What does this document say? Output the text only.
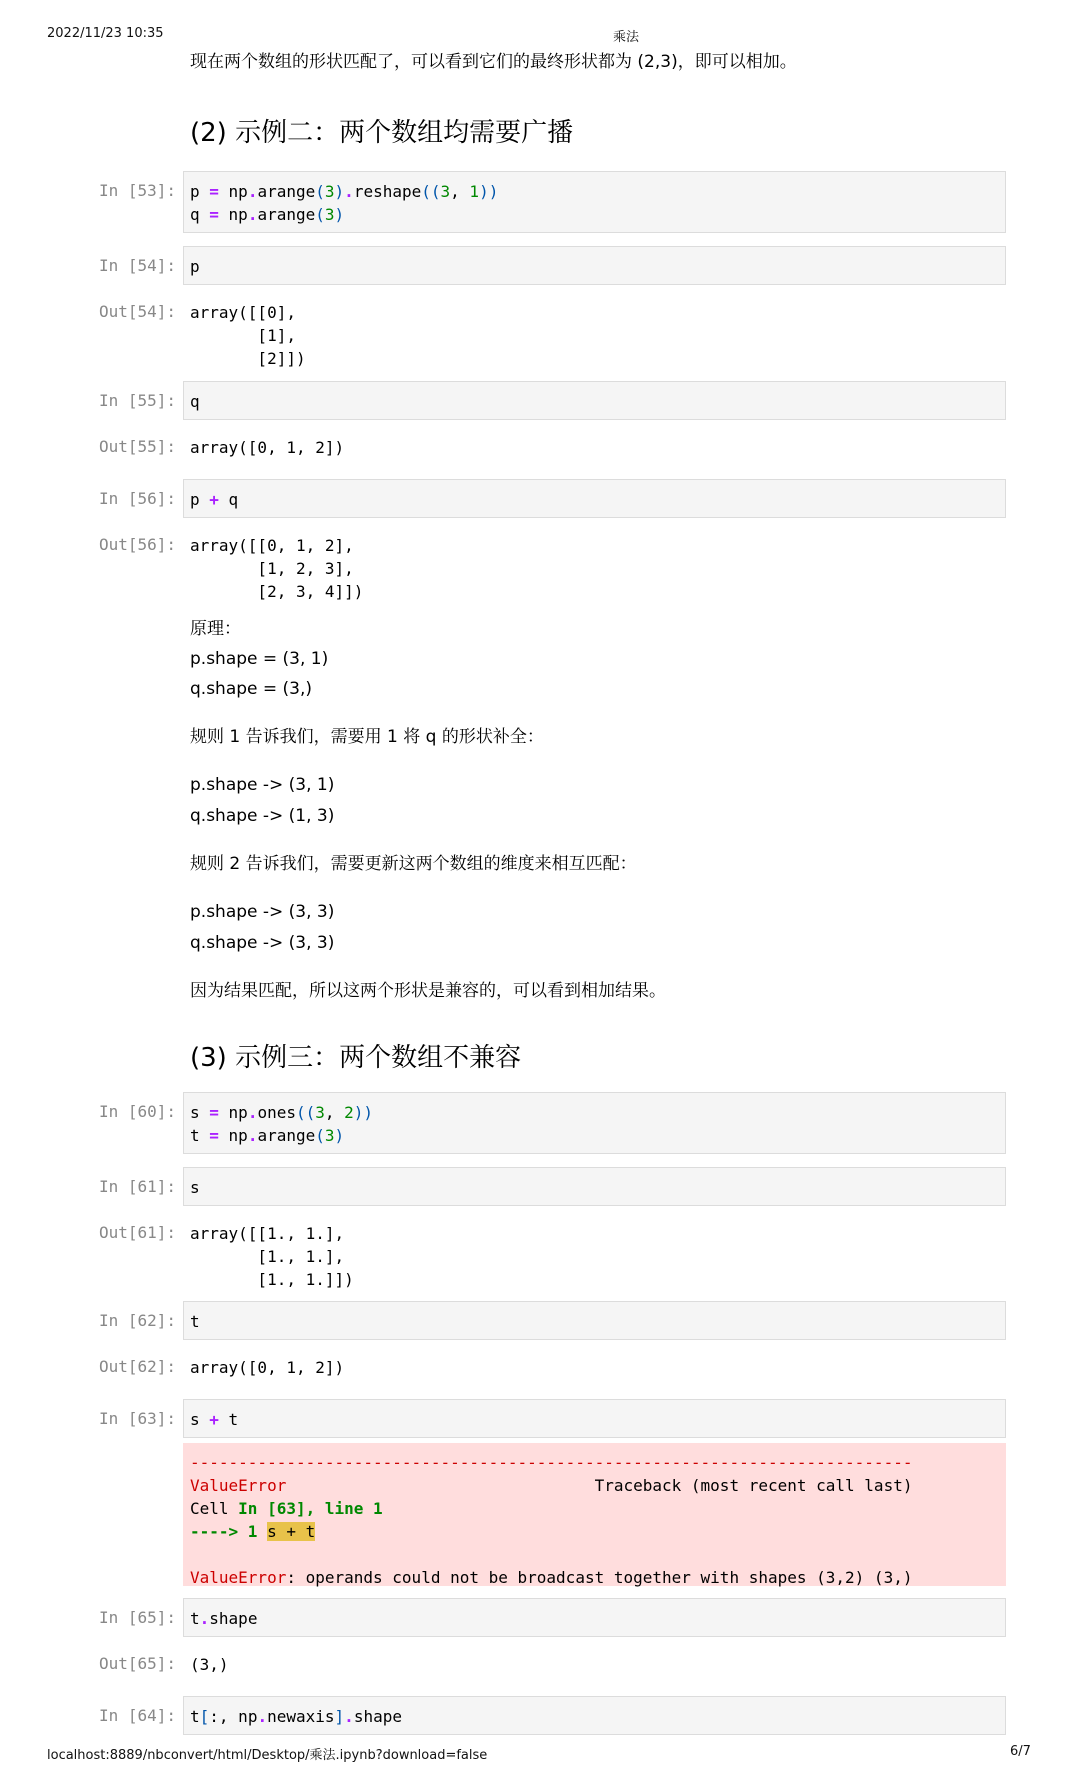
2022/11/23 10:35	乘法
现在两个数组的形状匹配了，可以看到它们的最终形状都为 (2,3)，即可以相加。
(2) 示例二：两个数组均需要广播
In [53]: p = np.arange(3).reshape((3, 1))
q = np.arange(3)
In [54]: p
Out[54]: array([[0],
[1],
[2]])
In [55]: q
Out[55]: array([0, 1, 2])
In [56]: p + q
Out[56]: array([[0, 1, 2],
[1, 2, 3],
[2, 3, 4]])
原理：
p.shape = (3, 1)
q.shape = (3,)
规则 1 告诉我们，需要用 1 将 q 的形状补全：
p.shape -> (3, 1)
q.shape -> (1, 3)
规则 2 告诉我们，需要更新这两个数组的维度来相互匹配：
p.shape -> (3, 3)
q.shape -> (3, 3)
因为结果匹配，所以这两个形状是兼容的，可以看到相加结果。
(3) 示例三：两个数组不兼容
In [60]: s = np.ones((3, 2))
t = np.arange(3)
In [61]: s
Out[61]: array([[1., 1.],
[1., 1.],
[1., 1.]])
In [62]: t
Out[62]: array([0, 1, 2])
In [63]: s + t
---------------------------------------------------------------------------
ValueError	Traceback (most recent call last)
Cell In [63], line 1
----> 1 s + t

ValueError: operands could not be broadcast together with shapes (3,2) (3,)
In [65]: t.shape
Out[65]: (3,)
In [64]: t[:, np.newaxis].shape
localhost:8889/nbconvert/html/Desktop/乘法.ipynb?download=false	6/7
